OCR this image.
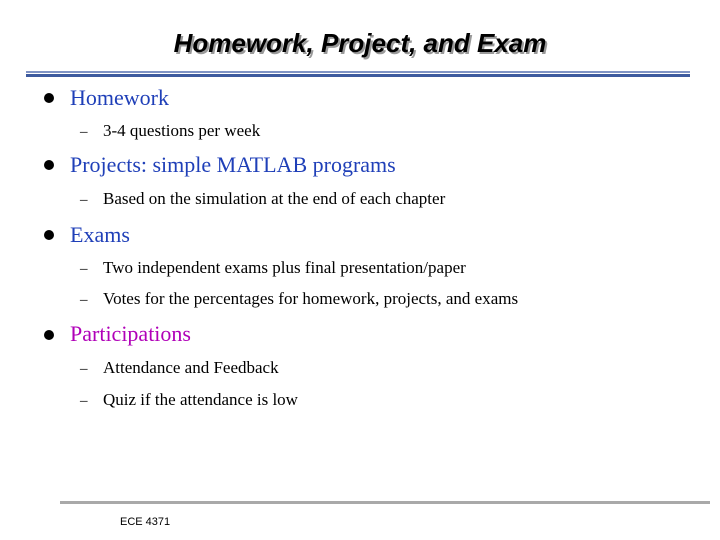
Homework, Project, and Exam
Homework
– 3-4 questions per week
Projects: simple MATLAB programs
– Based on the simulation at the end of each chapter
Exams
– Two independent exams plus final presentation/paper
– Votes for the percentages for homework, projects, and exams
Participations
– Attendance and Feedback
– Quiz if the attendance is low
ECE 4371
